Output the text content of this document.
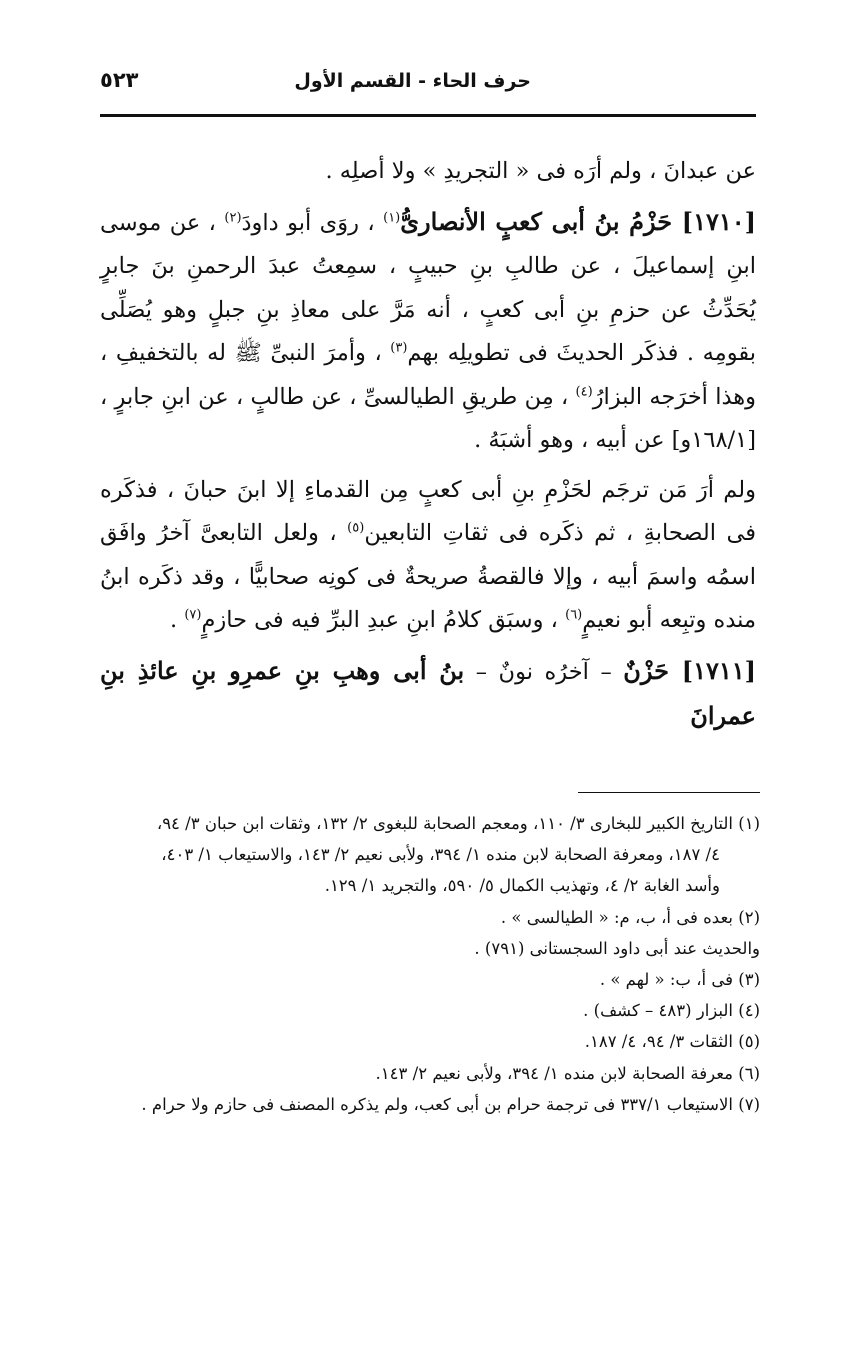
حرف الحاء - القسم الأول
٥٢٣

عن عبدانَ ، ولم أرَه فى « التجريدِ » ولا أصلِه .

[١٧١٠] حَزْمُ بنُ أبى كعبٍ الأنصارىُّ$^{(١)}$ ، روَى أبو داودَ$^{(٢)}$ ، عن موسى ابنِ إسماعيلَ ، عن طالبِ بنِ حبيبٍ ، سمِعتُ عبدَ الرحمنِ بنَ جابرٍ يُحَدِّثُ عن حزمِ بنِ أبى كعبٍ ، أنه مَرَّ على معاذِ بنِ جبلٍ وهو يُصَلِّى بقومِه . فذكَر الحديثَ فى تطويلِه بهم$^{(٣)}$ ، وأمرَ النبىِّ ﷺ له بالتخفيفِ ، وهذا أخرَجه البزارُ$^{(٤)}$ ، مِن طريقِ الطيالسىِّ ، عن طالبٍ ، عن ابنِ جابرٍ ، [١٦٨/١و] عن أبيه ، وهو أشبَهُ .

ولم أرَ مَن ترجَم لحَزْمِ بنِ أبى كعبٍ مِن القدماءِ إلا ابنَ حبانَ ، فذكَره فى الصحابةِ ، ثم ذكَره فى ثقاتِ التابعين$^{(٥)}$ ، ولعل التابعىَّ آخرُ وافَق اسمُه واسمَ أبيه ، وإلا فالقصةُ صريحةٌ فى كونِه صحابيًّا ، وقد ذكَره ابنُ منده وتبِعه أبو نعيمٍ$^{(٦)}$ ، وسبَق كلامُ ابنِ عبدِ البرِّ فيه فى حازمٍ$^{(٧)}$ .

[١٧١١] حَزْنٌ – آخرُه نونٌ – بنُ أبى وهبِ بنِ عمرِو بنِ عائذِ بنِ عمرانَ

(١) التاريخ الكبير للبخارى ٣/ ١١٠، ومعجم الصحابة للبغوى ٢/ ١٣٢، وثقات ابن حبان ٣/ ٩٤،

٤/ ١٨٧، ومعرفة الصحابة لابن منده ١/ ٣٩٤، ولأبى نعيم ٢/ ١٤٣، والاستيعاب ١/ ٤٠٣،

وأسد الغابة ٢/ ٤، وتهذيب الكمال ٥/ ٥٩٠، والتجريد ١/ ١٢٩.

(٢) بعده فى أ، ب، م: « الطيالسى » .

والحديث عند أبى داود السجستانى (٧٩١) .

(٣) فى أ، ب: « لهم » .

(٤) البزار (٤٨٣ – كشف) .

(٥) الثقات ٣/ ٩٤، ٤/ ١٨٧.

(٦) معرفة الصحابة لابن منده ١/ ٣٩٤، ولأبى نعيم ٢/ ١٤٣.

(٧) الاستيعاب ٣٣٧/١ فى ترجمة حرام بن أبى كعب، ولم يذكره المصنف فى حازم ولا حرام .
